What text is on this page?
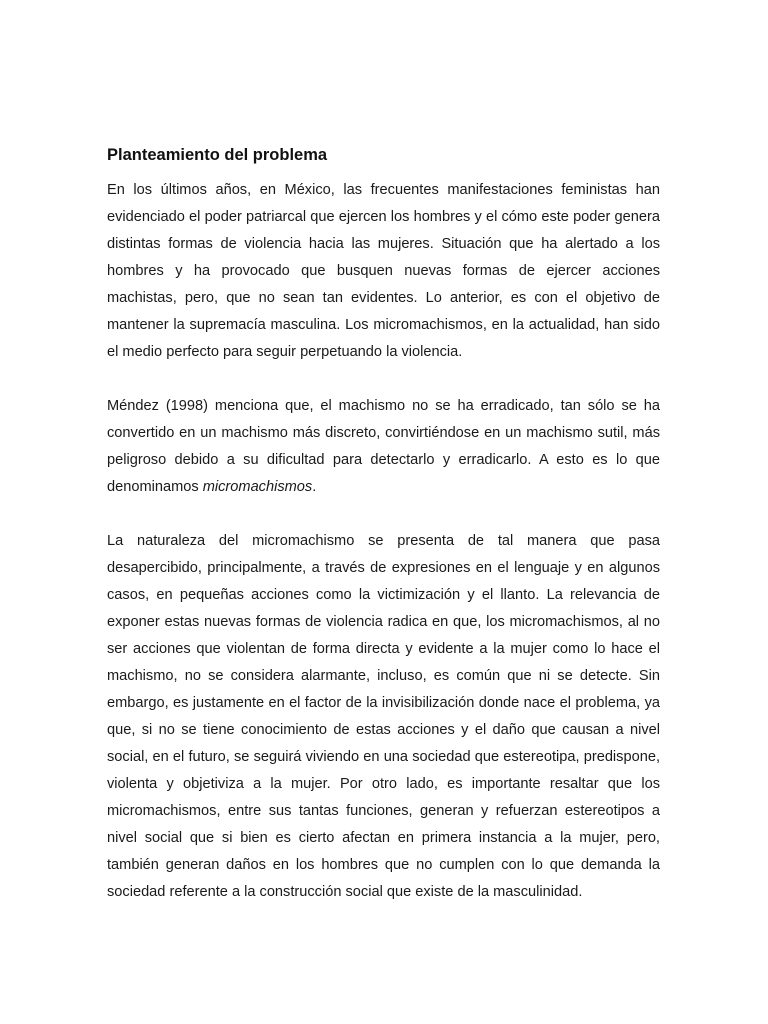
Planteamiento del problema

En los últimos años, en México, las frecuentes manifestaciones feministas han evidenciado el poder patriarcal que ejercen los hombres y el cómo este poder genera distintas formas de violencia hacia las mujeres. Situación que ha alertado a los hombres y ha provocado que busquen nuevas formas de ejercer acciones machistas, pero, que no sean tan evidentes. Lo anterior, es con el objetivo de mantener la supremacía masculina. Los micromachismos, en la actualidad, han sido el medio perfecto para seguir perpetuando la violencia.

Méndez (1998) menciona que, el machismo no se ha erradicado, tan sólo se ha convertido en un machismo más discreto, convirtiéndose en un machismo sutil, más peligroso debido a su dificultad para detectarlo y erradicarlo. A esto es lo que denominamos micromachismos.

La naturaleza del micromachismo se presenta de tal manera que pasa desapercibido, principalmente, a través de expresiones en el lenguaje y en algunos casos, en pequeñas acciones como la victimización y el llanto. La relevancia de exponer estas nuevas formas de violencia radica en que, los micromachismos, al no ser acciones que violentan de forma directa y evidente a la mujer como lo hace el machismo, no se considera alarmante, incluso, es común que ni se detecte. Sin embargo, es justamente en el factor de la invisibilización donde nace el problema, ya que, si no se tiene conocimiento de estas acciones y el daño que causan a nivel social, en el futuro, se seguirá viviendo en una sociedad que estereotipa, predispone, violenta y objetiviza a la mujer. Por otro lado, es importante resaltar que los micromachismos, entre sus tantas funciones, generan y refuerzan estereotipos a nivel social que si bien es cierto afectan en primera instancia a la mujer, pero, también generan daños en los hombres que no cumplen con lo que demanda la sociedad referente a la construcción social que existe de la masculinidad.
